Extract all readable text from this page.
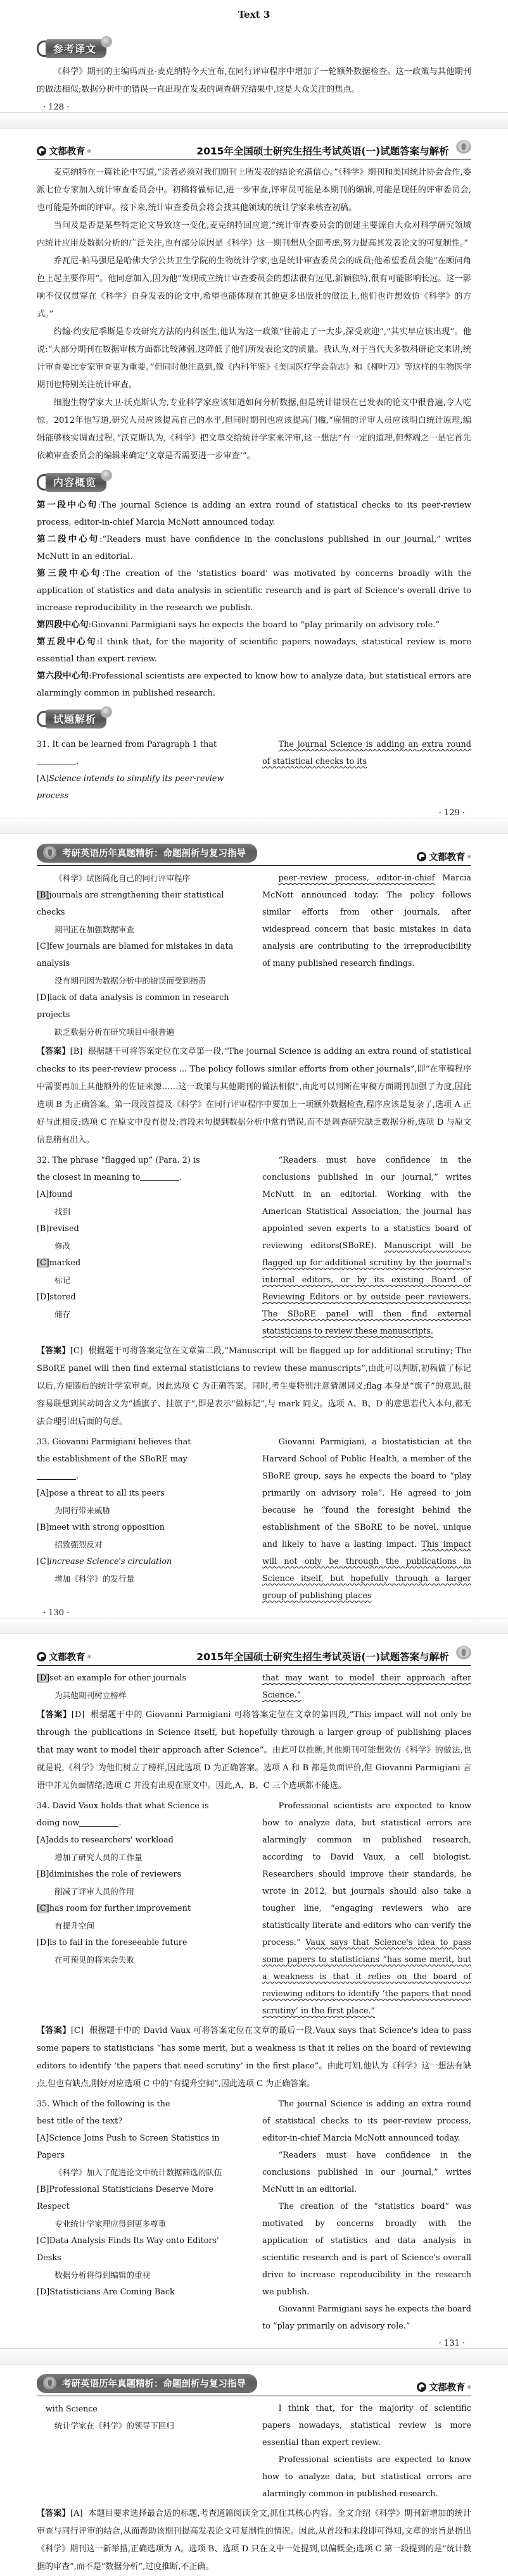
Text 3
参考译文

《科学》期刊的主编玛西亚·麦克纳特今天宣布,在同行评审程序中增加了一轮额外数据检查。这一政策与其他期刊的做法相似;数据分析中的错误一直出现在发表的调查研究结果中,这是大众关注的焦点。

· 128 ·
文都教育 ®	2015年全国硕士研究生招生考试英语(一)试题答案与解析

麦克纳特在一篇社论中写道,“读者必须对我们期刊上所发表的结论充满信心。”《科学》期刊和美国统计协会合作,委派七位专家加入统计审查委员会中。初稿将做标记,进一步审查,评审员可能是本期刊的编辑,可能是现任的评审委员会,也可能是外面的评审。接下来,统计审查委员会将会找其他领域的统计学家来核查初稿。

当问及是否是某些特定论文导致这一变化,麦克纳特回应道,“统计审查委员会的创建主要源自大众对科学研究领域内统计应用及数据分析的广泛关注,也有部分原因是《科学》这一期刊想从全面考虑,努力提高其发表论文的可复制性。”

乔瓦尼·帕马强尼是哈佛大学公共卫生学院的生物统计学家,也是统计审查委员会的成员;他希望委员会能“在顾问角色上起主要作用”。他同意加入,因为他“发现成立统计审查委员会的想法很有远见,新颖独特,很有可能影响长远。这一影响不仅仅贯穿在《科学》自身发表的论文中,希望也能体现在其他更多出版社的做法上,他们也许想效仿《科学》的方式。”

约翰·约安尼季斯是专攻研究方法的内科医生,他认为这一政策“往前走了一大步,深受欢迎”,“其实早应该出现”。他说:“大部分期刊在数据审核方面都比较薄弱,这降低了他们所发表论文的质量。我认为,对于当代大多数科研论文来讲,统计审查要比专家审查更为重要。”但同时他注意到,像《内科年鉴》《美国医疗学会杂志》和《柳叶刀》等这样的生物医学期刊也特别关注统计审查。

细胞生物学家大卫·沃克斯认为,专业科学家应该知道如何分析数据,但是统计错误在已发表的论文中很普遍,令人吃惊。2012年他写道,研究人员应该提高自己的水平,但同时期刊也应该提高门槛,“雇佣的评审人员应该明白统计原理,编辑能够核实调查过程。”沃克斯认为,《科学》把文章交给统计学家来评审,这一想法“有一定的道理,但弊端之一是它首先依赖审查委员会的编辑来确定‘文章是否需要进一步审查’”。

内容概览

第一段中心句:The journal Science is adding an extra round of statistical checks to its peer-review process, editor-in-chief Marcia McNott announced today.

第二段中心句:“Readers must have confidence in the conclusions published in our journal,” writes McNutt in an editorial.

第三段中心句:The creation of the ‘statistics board’ was motivated by concerns broadly with the application of statistics and data analysis in scientific research and is part of Science's overall drive to increase reproducibility in the research we publish.

第四段中心句:Giovanni Parmigiani says he expects the board to “play primarily on advisory role.”

第五段中心句:I think that, for the majority of scientific papers nowadays, statistical review is more essential than expert review.

第六段中心句:Professional scientists are expected to know how to analyze data, but statistical errors are alarmingly common in published research.

试题解析

31. It can be learned from Paragraph 1 that.

[A]Science intends to simplify its peer-review process

The journal Science is adding an extra round of statistical checks to its

· 129 ·
考研英语历年真题精析：命题剖析与复习指导	文都教育 ®

《科学》试图简化自己的同行评审程序

[B]journals are strengthening their statistical checks

期刊正在加强数据审查

[C]few journals are blamed for mistakes in data analysis

没有期刊因为数据分析中的错误而受到指责

[D]lack of data analysis is common in research projects

缺乏数据分析在研究项目中很普遍

peer-review process, editor-in-chief Marcia McNott announced today. The policy follows similar efforts from other journals, after widespread concern that basic mistakes in data analysis are contributing to the irreproducibility of many published research findings.

【答案】[B] 根据题干可将答案定位在文章第一段,“The journal Science is adding an extra round of statistical checks to its peer-review process ... The policy follows similar efforts from other journals”,即“在审稿程序中需要再加上其他额外的佐证来源……这一政策与其他期刊的做法相似”,由此可以判断在审稿方面期刊加强了力度,因此选项 B 为正确答案。第一段段首提及《科学》在同行评审程序中要加上一项额外数据检查,程序应该是复杂了,选项 A 正好与此相反;选项 C 在原文中没有提及;首段末句提到数据分析中常有错误,而不是调查研究缺乏数据分析,选项 D 与原文信息稍有出入。

32. The phrase “flagged up” (Para. 2) is

the closest in meaning to	.

[A]found

找到

[B]revised

修改

[C]marked

标记

[D]stored

储存

“Readers must have confidence in the conclusions published in our journal,” writes McNutt in an editorial. Working with the American Statistical Association, the journal has appointed seven experts to a statistics board of reviewing editors(SBoRE). Manuscript will be flagged up for additional scrutiny by the journal's internal editors, or by its existing Board of Reviewing Editors or by outside peer reviewers. The SBoRE panel will then find external statisticians to review these manuscripts.

【答案】[C] 根据题干可将答案定位在文章第二段,“Manuscript will be flagged up for additional scrutiny; The SBoRE panel will then find external statisticians to review these manuscripts”,由此可以判断,初稿做了标记以后,方便随后的统计学家审查。因此选项 C 为正确答案。同时,考生要特别注意猜测词义;flag 本身是“旗子”的意思,很容易联想到其动词含义为“插旗子、挂旗子”,即是表示“做标记”,与 mark 同义。选项 A、B、D 的意思若代入本句,都无法合理引出后面的句意。

33. Giovanni Parmigiani believes that

the establishment of the SBoRE may

.

[A]pose a threat to all its peers

为同行带来威胁

[B]meet with strong opposition

招致强烈反对

[C]increase Science's circulation

增加《科学》的发行量

Giovanni Parmigiani, a biostatistician at the Harvard School of Public Health, a member of the SBoRE group, says he expects the board to “play primarily on advisory role”. He agreed to join because he “found the foresight behind the establishment of the SBoRE to be novel, unique and likely to have a lasting impact. This impact will not only be through the publications in Science itself, but hopefully through a larger group of publishing places

· 130 ·
文都教育 ®	2015年全国硕士研究生招生考试英语(一)试题答案与解析

[D]set an example for other journals

为其他期刊树立榜样

that may want to model their approach after Science.”

【答案】[D] 根据题干中的 Giovanni Parmigiani 可将答案定位在文章的第四段,“This impact will not only be through the publications in Science itself, but hopefully through a larger group of publishing places that may want to model their approach after Science”。由此可以推断,其他期刊可能想效仿《科学》的做法,也就是说,《科学》为他们树立了榜样,因此选项 D 为正确答案。选项 A 和 B 都是负面评价,但 Giovanni Parmigiani 言语中并无负面情绪;选项 C 并没有出现在原文中。因此,A、B、C 三个选项都不能选。

34. David Vaux holds that what Science is

doing now	.

[A]adds to researchers' workload

增加了研究人员的工作量

[B]diminishes the role of reviewers

削减了评审人员的作用

[C]has room for further improvement

有提升空间

[D]is to fail in the foreseeable future

在可预见的将来会失败

Professional scientists are expected to know how to analyze data, but statistical errors are alarmingly common in published research, according to David Vaux, a cell biologist. Researchers should improve their standards, he wrote in 2012, but journals should also take a tougher line, “engaging reviewers who are statistically literate and editors who can verify the process.” Vaux says that Science's idea to pass some papers to statisticians “has some merit, but a weakness is that it relies on the board of reviewing editors to identify ‘the papers that need scrutiny’ in the first place.”

【答案】[C] 根据题干中的 David Vaux 可将答案定位在文章的最后一段,Vaux says that Science's idea to pass some papers to statisticians “has some merit, but a weakness is that it relies on the board of reviewing editors to identify ‘the papers that need scrutiny’ in the first place”。由此可知,他认为《科学》这一想法有缺点,但也有缺点,刚好对应选项 C 中的“有提升空间”,因此选项 C 为正确答案。

35. Which of the following is the

best title of the text?

[A]Science Joins Push to Screen Statistics in Papers

《科学》加入了促进论文中统计数据筛选的队伍

[B]Professional Statisticians Deserve More Respect

专业统计学家理应得到更多尊重

[C]Data Analysis Finds Its Way onto Editors' Desks

数据分析将得到编辑的重视

[D]Statisticians Are Coming Back

The journal Science is adding an extra round of statistical checks to its peer-review process, editor-in-chief Marcia McNott announced today.

“Readers must have confidence in the conclusions published in our journal,” writes McNutt in an editorial.

The creation of the “statistics board” was motivated by concerns broadly with the application of statistics and data analysis in scientific research and is part of Science's overall drive to increase reproducibility in the research we publish.

Giovanni Parmigiani says he expects the board to “play primarily on advisory role.”

· 131 ·
考研英语历年真题精析：命题剖析与复习指导	文都教育 ®

with Science

统计学家在《科学》的领导下回归

I think that, for the majority of scientific papers nowadays, statistical review is more essential than expert review.

Professional scientists are expected to know how to analyze data, but statistical errors are alarmingly common in published research.

【答案】[A] 本题目要求选择最合适的标题,考查通篇阅读全文,抓住其核心内容。全文介绍《科学》期刊新增加的统计审查与同行评审的结合,从而帮助该期刊提高发表论文可复制性的情况。因此,从首段和末段即可得知,文章的宗旨是指出《科学》期刊这一新举措,正确选项为 A。选项 B、选项 D 只在文中一处提到,以偏概全;选项 C 第一段提到的是“统计数据的审查”,而不是“数据分析”,过度推断,不正确。
